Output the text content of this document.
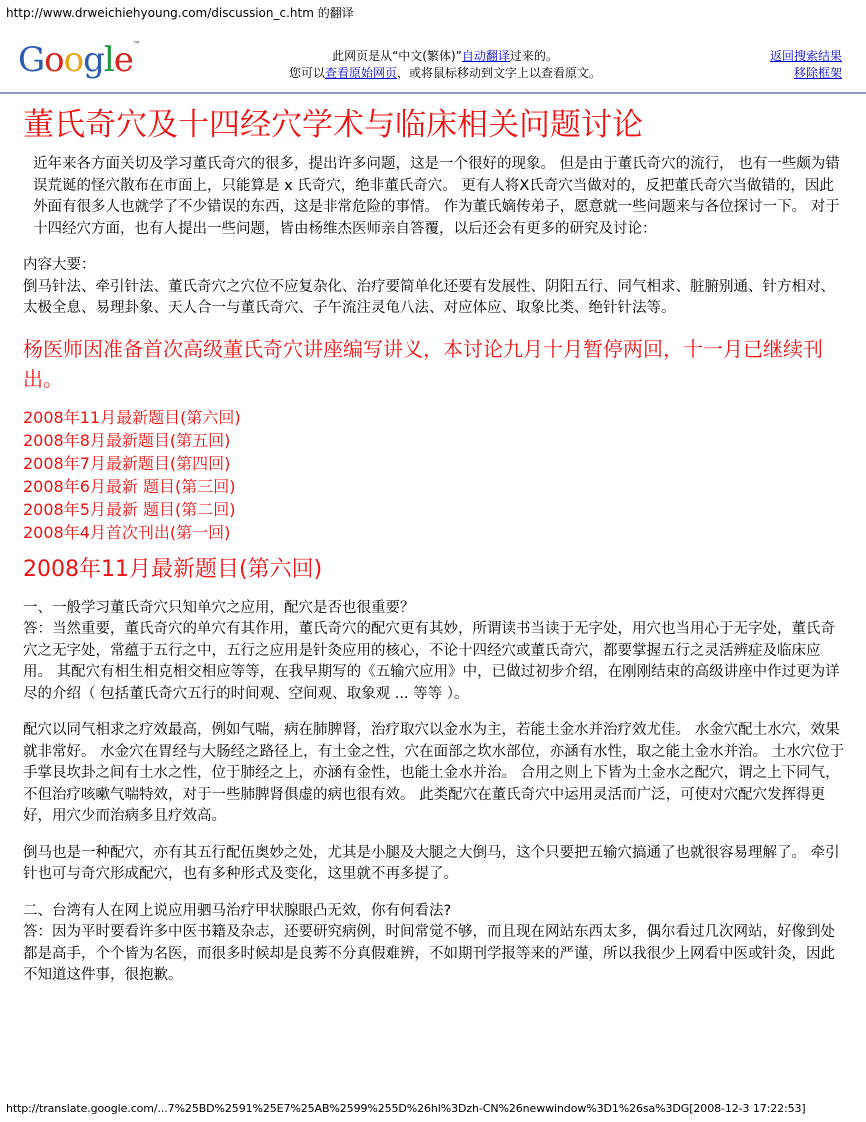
http://www.drweichiehyoung.com/discussion_c.htm 的翻译
Google™
此网页是从“中文(繁体)”自动翻译过来的。
您可以查看原始网页，或将鼠标移动到文字上以查看原文。
返回搜索结果
移除框架
董氏奇穴及十四经穴学术与临床相关问题讨论

近年来各方面关切及学习董氏奇穴的很多，提出许多问题，这是一个很好的现象。 但是由于董氏奇穴的流行， 也有一些颇为错误荒诞的怪穴散布在市面上，只能算是 x 氏奇穴，绝非董氏奇穴。 更有人将X氏奇穴当做对的，反把董氏奇穴当做错的，因此外面有很多人也就学了不少错误的东西，这是非常危险的事情。 作为董氏嫡传弟子，愿意就一些问题来与各位探讨一下。 对于十四经穴方面，也有人提出一些问题，皆由杨维杰医师亲自答覆，以后还会有更多的研究及讨论：

内容大要：
倒马针法、牵引针法、董氏奇穴之穴位不应复杂化、治疗要简单化还要有发展性、阴阳五行、同气相求、脏腑别通、针方相对、太极全息、易理卦象、天人合一与董氏奇穴、子午流注灵龟八法、对应体应、取象比类、绝针针法等。
杨医师因准备首次高级董氏奇穴讲座编写讲义，本讨论九月十月暂停两回，十一月已继续刊出。
2008年11月最新题目(第六回)
2008年8月最新题目(第五回)
2008年7月最新题目(第四回)
2008年6月最新 题目(第三回)
2008年5月最新 题目(第二回)
2008年4月首次刊出(第一回)
2008年11月最新题目(第六回)

一、一般学习董氏奇穴只知单穴之应用，配穴是否也很重要？
答：当然重要，董氏奇穴的单穴有其作用，董氏奇穴的配穴更有其妙，所谓读书当读于无字处，用穴也当用心于无字处，董氏奇穴之无字处，常蕴于五行之中，五行之应用是针灸应用的核心，不论十四经穴或董氏奇穴，都要掌握五行之灵活辨症及临床应用。 其配穴有相生相克相交相应等等，在我早期写的《五输穴应用》中，已做过初步介绍，在刚刚结束的高级讲座中作过更为详尽的介绍（ 包括董氏奇穴五行的时间观、空间观、取象观 ... 等等 ）。

配穴以同气相求之疗效最高，例如气喘，病在肺脾肾，治疗取穴以金水为主，若能土金水并治疗效尤佳。 水金穴配土水穴，效果就非常好。 水金穴在胃经与大肠经之路径上，有土金之性，穴在面部之坎水部位，亦涵有水性，取之能土金水并治。 土水穴位于手掌艮坎卦之间有土水之性，位于肺经之上，亦涵有金性，也能土金水并治。 合用之则上下皆为土金水之配穴，谓之上下同气，不但治疗咳嗽气喘特效，对于一些肺脾肾俱虚的病也很有效。 此类配穴在董氏奇穴中运用灵活而广泛，可使对穴配穴发挥得更好，用穴少而治病多且疗效高。

倒马也是一种配穴，亦有其五行配伍奥妙之处，尤其是小腿及大腿之大倒马，这个只要把五输穴搞通了也就很容易理解了。 牵引针也可与奇穴形成配穴，也有多种形式及变化，这里就不再多提了。

二、台湾有人在网上说应用驷马治疗甲状腺眼凸无效，你有何看法?
答：因为平时要看许多中医书籍及杂志，还要研究病例，时间常觉不够，而且现在网站东西太多，偶尔看过几次网站，好像到处都是高手，个个皆为名医，而很多时候却是良莠不分真假难辨，不如期刊学报等来的严谨，所以我很少上网看中医或针灸，因此不知道这件事，很抱歉。

http://translate.google.com/...7%25BD%2591%25E7%25AB%2599%255D%26hl%3Dzh-CN%26newwindow%3D1%26sa%3DG[2008-12-3 17:22:53]
